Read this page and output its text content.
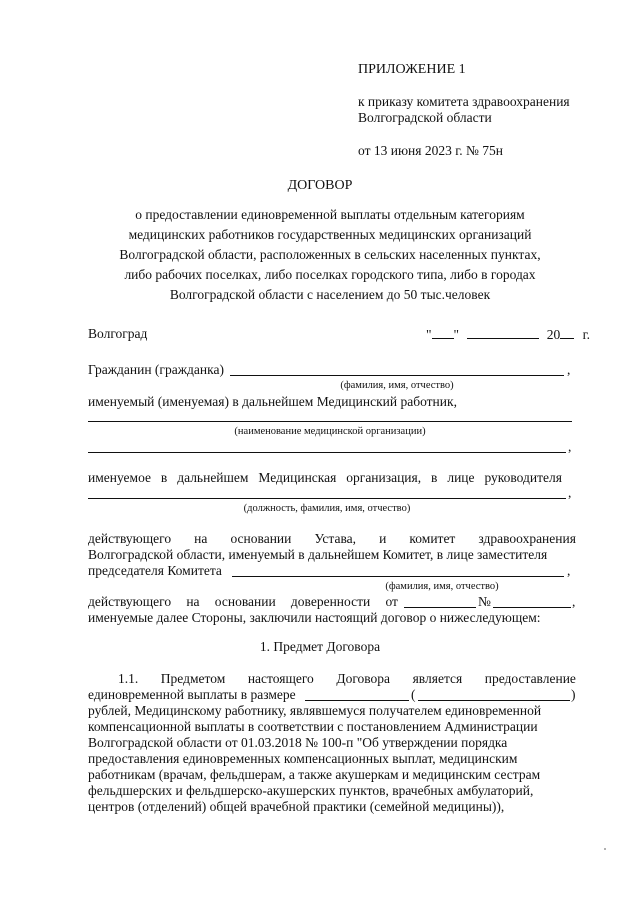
ПРИЛОЖЕНИЕ 1
к приказу комитета здравоохранения
Волгоградской области
от 13 июня 2023 г. № 75н
ДОГОВОР
о предоставлении единовременной выплаты отдельным категориям
медицинских работников государственных медицинских организаций
Волгоградской области, расположенных в сельских населенных пунктах,
либо рабочих поселках, либо поселках городского типа, либо в городах
Волгоградской области с населением до 50 тыс.человек
Волгоград	" "	20 г.
Гражданин (гражданка)	,
(фамилия, имя, отчество)
именуемый (именуемая) в дальнейшем Медицинский работник,
(наименование медицинской организации)
,
именуемое в дальнейшем Медицинская организация, в лице руководителя
,
(должность, фамилия, имя, отчество)
действующего на основании Устава, и комитет здравоохранения
Волгоградской области, именуемый в дальнейшем Комитет, в лице заместителя
председателя Комитета	,
(фамилия, имя, отчество)
действующего на основании доверенности от	№	,
именуемые далее Стороны, заключили настоящий договор о нижеследующем:
1. Предмет Договора
1.1. Предметом настоящего Договора является предоставление
единовременной выплаты в размере	(	)
рублей, Медицинскому работнику, являвшемуся получателем единовременной
компенсационной выплаты в соответствии с постановлением Администрации
Волгоградской области от 01.03.2018 № 100-п "Об утверждении порядка
предоставления единовременных компенсационных выплат, медицинским
работникам (врачам, фельдшерам, а также акушеркам и медицинским сестрам
фельдшерских и фельдшерско-акушерских пунктов, врачебных амбулаторий,
центров (отделений) общей врачебной практики (семейной медицины)),
